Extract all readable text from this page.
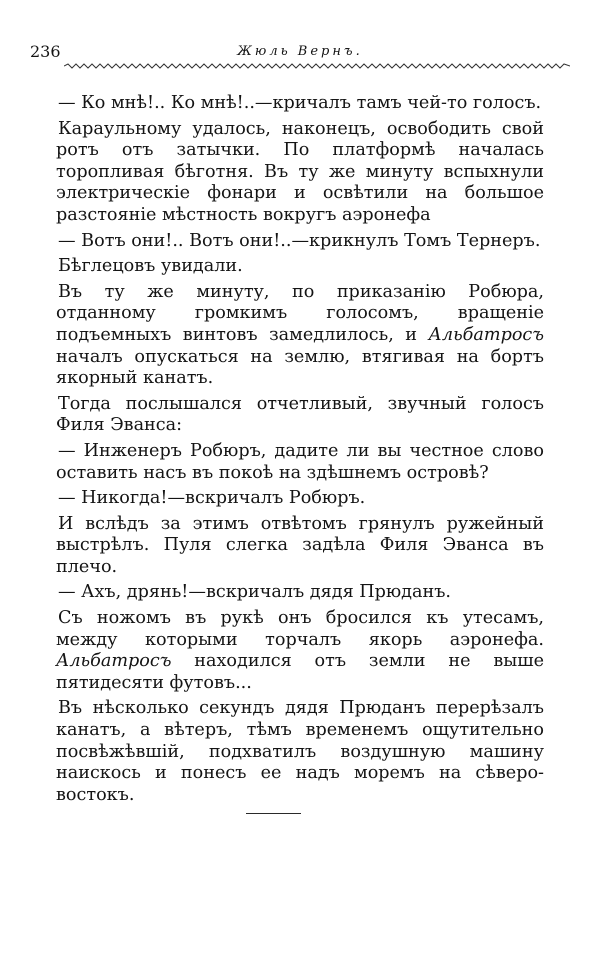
236	Жюль Вернъ.

— Ко мнѣ!.. Ко мнѣ!..—кричалъ тамъ чей-то голосъ.

Караульному удалось, наконецъ, освободить свой ротъ отъ затычки. По платформѣ началась торопливая бѣготня. Въ ту же минуту вспыхнули электрическіе фонари и освѣтили на большое разстояніе мѣстность вокругъ аэронефа

— Вотъ они!.. Вотъ они!..—крикнулъ Томъ Тернеръ.

Бѣглецовъ увидали.

Въ ту же минуту, по приказанію Робюра, отданному громкимъ голосомъ, вращеніе подъемныхъ винтовъ замедлилось, и Альбатросъ началъ опускаться на землю, втягивая на бортъ якорный канатъ.

Тогда послышался отчетливый, звучный голосъ Филя Эванса:

— Инженеръ Робюръ, дадите ли вы честное слово оставить насъ въ покоѣ на здѣшнемъ островѣ?

— Никогда!—вскричалъ Робюръ.

И вслѣдъ за этимъ отвѣтомъ грянулъ ружейный выстрѣлъ. Пуля слегка задѣла Филя Эванса въ плечо.

— Ахъ, дрянь!—вскричалъ дядя Прюданъ.

Съ ножомъ въ рукѣ онъ бросился къ утесамъ, между которыми торчалъ якорь аэронефа. Альбатросъ находился отъ земли не выше пятидесяти футовъ...

Въ нѣсколько секундъ дядя Прюданъ перерѣзалъ канатъ, а вѣтеръ, тѣмъ временемъ ощутительно посвѣжѣвшій, подхватилъ воздушную машину наискось и понесъ ее надъ моремъ на сѣверо-востокъ.
